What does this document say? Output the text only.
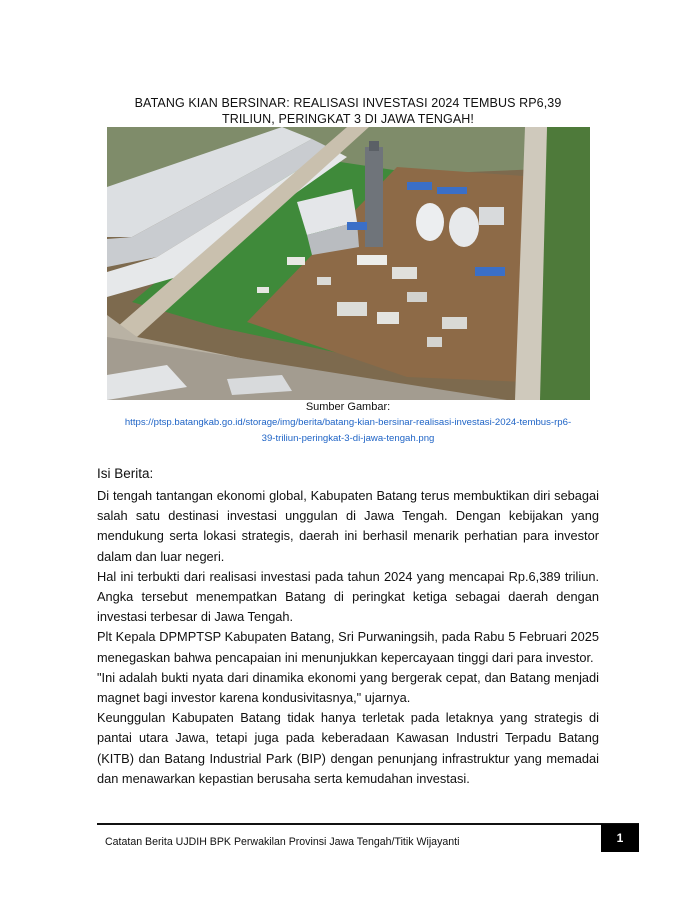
BATANG KIAN BERSINAR: REALISASI INVESTASI 2024 TEMBUS RP6,39
TRILIUN, PERINGKAT 3 DI JAWA TENGAH!
Sumber Gambar:
https://ptsp.batangkab.go.id/storage/img/berita/batang-kian-bersinar-realisasi-investasi-2024-tembus-rp6-
39-triliun-peringkat-3-di-jawa-tengah.png
Isi Berita:

Di tengah tantangan ekonomi global, Kabupaten Batang terus membuktikan diri sebagai salah satu destinasi investasi unggulan di Jawa Tengah. Dengan kebijakan yang mendukung serta lokasi strategis, daerah ini berhasil menarik perhatian para investor dalam dan luar negeri.

Hal ini terbukti dari realisasi investasi pada tahun 2024 yang mencapai Rp.6,389 triliun. Angka tersebut menempatkan Batang di peringkat ketiga sebagai daerah dengan investasi terbesar di Jawa Tengah.

Plt Kepala DPMPTSP Kabupaten Batang, Sri Purwaningsih, pada Rabu 5 Februari 2025 menegaskan bahwa pencapaian ini menunjukkan kepercayaan tinggi dari para investor.

"Ini adalah bukti nyata dari dinamika ekonomi yang bergerak cepat, dan Batang menjadi magnet bagi investor karena kondusivitasnya," ujarnya.

Keunggulan Kabupaten Batang tidak hanya terletak pada letaknya yang strategis di pantai utara Jawa, tetapi juga pada keberadaan Kawasan Industri Terpadu Batang (KITB) dan Batang Industrial Park (BIP) dengan penunjang infrastruktur yang memadai dan menawarkan kepastian berusaha serta kemudahan investasi.

Catatan Berita UJDIH BPK Perwakilan Provinsi Jawa Tengah/Titik Wijayanti	1
